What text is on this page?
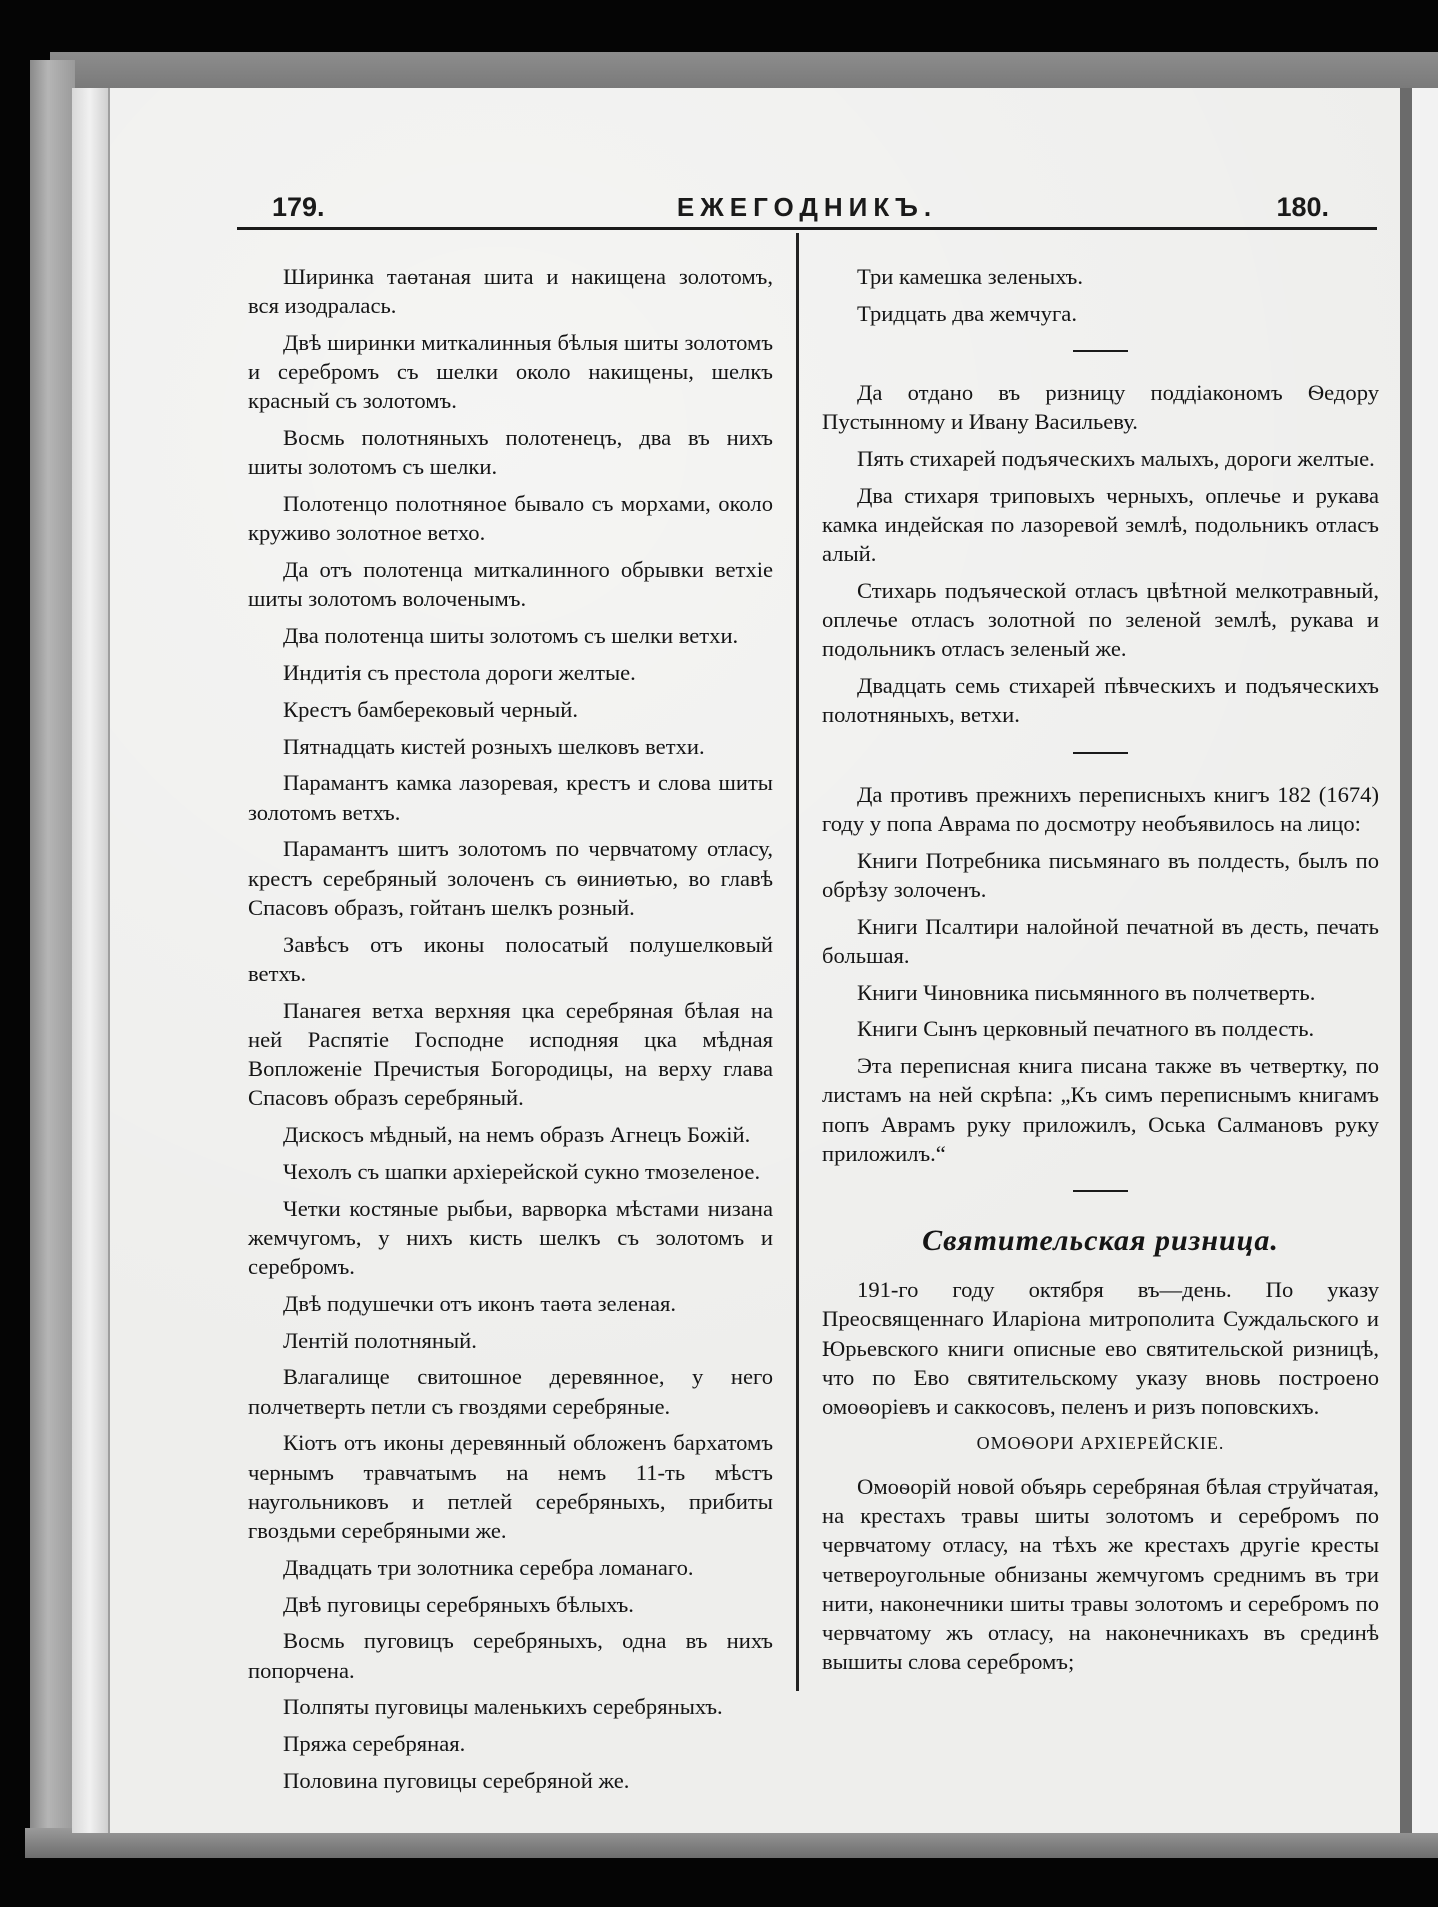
179.	ЕЖЕГОДНИКЪ.	180.

Ширинка таөтаная шита и накищена золотомъ, вся изодралась.

Двѣ ширинки миткалинныя бѣлыя шиты золотомъ и серебромъ съ шелки около накищены, шелкъ красный съ золотомъ.

Восмь полотняныхъ полотенецъ, два въ нихъ шиты золотомъ съ шелки.

Полотенцо полотняное бывало съ морхами, около круживо золотное ветхо.

Да отъ полотенца миткалинного обрывки ветхіе шиты золотомъ волоченымъ.

Два полотенца шиты золотомъ съ шелки ветхи.

Индитія съ престола дороги желтые.

Крестъ бамберековый черный.

Пятнадцать кистей розныхъ шелковъ ветхи.

Парамантъ камка лазоревая, крестъ и слова шиты золотомъ ветхъ.

Парамантъ шитъ золотомъ по червчатому отласу, крестъ серебряный золоченъ съ ѳиниѳтью, во главѣ Спасовъ образъ, гойтанъ шелкъ розный.

Завѣсъ отъ иконы полосатый полушелковый ветхъ.

Панагея ветха верхняя цка серебряная бѣлая на ней Распятіе Господне исподняя цка мѣдная Вопложеніе Пречистыя Богородицы, на верху глава Спасовъ образъ серебряный.

Дискосъ мѣдный, на немъ образъ Агнецъ Божій.

Чехолъ съ шапки архіерейской сукно тмозеленое.

Четки костяные рыбьи, варворка мѣстами низана жемчугомъ, у нихъ кисть шелкъ съ золотомъ и серебромъ.

Двѣ подушечки отъ иконъ таөта зеленая.

Лентій полотняный.

Влагалище свитошное деревянное, у него полчетверть петли съ гвоздями серебряные.

Кіотъ отъ иконы деревянный обложенъ бархатомъ чернымъ травчатымъ на немъ 11-ть мѣстъ наугольниковъ и петлей серебряныхъ, прибиты гвоздьми серебряными же.

Двадцать три золотника серебра ломанаго.

Двѣ пуговицы серебряныхъ бѣлыхъ.

Восмь пуговицъ серебряныхъ, одна въ нихъ попорчена.

Полпяты пуговицы маленькихъ серебряныхъ.

Пряжа серебряная.

Половина пуговицы серебряной же.

Три камешка зеленыхъ.

Тридцать два жемчуга.

Да отдано въ ризницу поддіакономъ Ѳедору Пустынному и Ивану Васильеву.

Пять стихарей подъяческихъ малыхъ, дороги желтые.

Два стихаря триповыхъ черныхъ, оплечье и рукава камка индейская по лазоревой землѣ, подольникъ отласъ алый.

Стихарь подъяческой отласъ цвѣтной мелкотравный, оплечье отласъ золотной по зеленой землѣ, рукава и подольникъ отласъ зеленый же.

Двадцать семь стихарей пѣвческихъ и подъяческихъ полотняныхъ, ветхи.

Да противъ прежнихъ переписныхъ книгъ 182 (1674) году у попа Аврама по досмотру необъявилось на лицо:

Книги Потребника письмянаго въ полдесть, былъ по обрѣзу золоченъ.

Книги Псалтири налойной печатной въ десть, печать большая.

Книги Чиновника письмянного въ полчетверть.

Книги Сынъ церковный печатного въ полдесть.

Эта переписная книга писана также въ четвертку, по листамъ на ней скрѣпа: „Къ симъ переписнымъ книгамъ попъ Аврамъ руку приложилъ, Оська Салмановъ руку приложилъ.“

Святительская ризница.

191-го году октября въ—день. По указу Преосвященнаго Иларіона митрополита Суждальского и Юрьевского книги описные ево святительской ризницѣ, что по Ево святительскому указу вновь построено омоѳоріевъ и саккосовъ, пеленъ и ризъ поповскихъ.

ОМОѲОРИ АРХІЕРЕЙСКІЕ.

Омоѳорій новой объярь серебряная бѣлая струйчатая, на крестахъ травы шиты золотомъ и серебромъ по червчатому отласу, на тѣхъ же крестахъ другіе кресты четвероугольные обнизаны жемчугомъ среднимъ въ три нити, наконечники шиты травы золотомъ и серебромъ по червчатому жъ отласу, на наконечникахъ въ срединѣ вышиты слова серебромъ;
